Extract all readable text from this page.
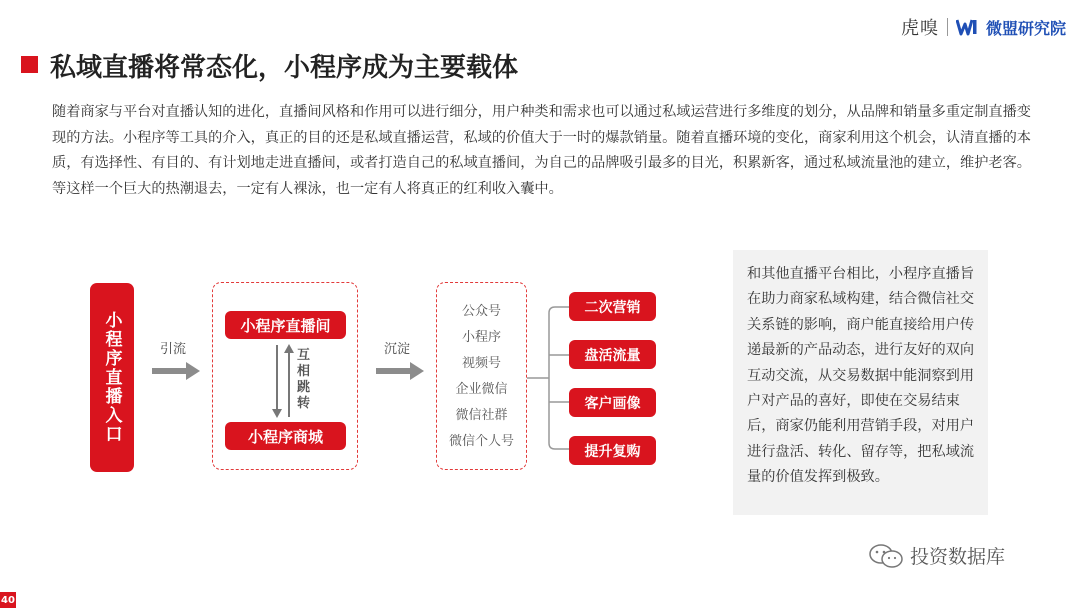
虎嗅	微盟研究院
私域直播将常态化，小程序成为主要载体

随着商家与平台对直播认知的进化，直播间风格和作用可以进行细分，用户种类和需求也可以通过私域运营进行多维度的划分，从品牌和销量多重定制直播变现的方法。小程序等工具的介入，真正的目的还是私域直播运营，私域的价值大于一时的爆款销量。随着直播环境的变化，商家利用这个机会，认清直播的本质，有选择性、有目的、有计划地走进直播间，或者打造自己的私域直播间，为自己的品牌吸引最多的目光，积累新客，通过私域流量池的建立，维护老客。等这样一个巨大的热潮退去，一定有人裸泳，也一定有人将真正的红利收入囊中。

小程序直播入口	引流
小程序直播间
互相跳转
小程序商城
沉淀
公众号
小程序
视频号
企业微信
微信社群
微信个人号
二次营销
盘活流量
客户画像
提升复购
和其他直播平台相比，小程序直播旨在助力商家私域构建，结合微信社交关系链的影响，商户能直接给用户传递最新的产品动态，进行友好的双向互动交流，从交易数据中能洞察到用户对产品的喜好，即使在交易结束后，商家仍能利用营销手段，对用户进行盘活、转化、留存等，把私域流量的价值发挥到极致。
投资数据库
40
